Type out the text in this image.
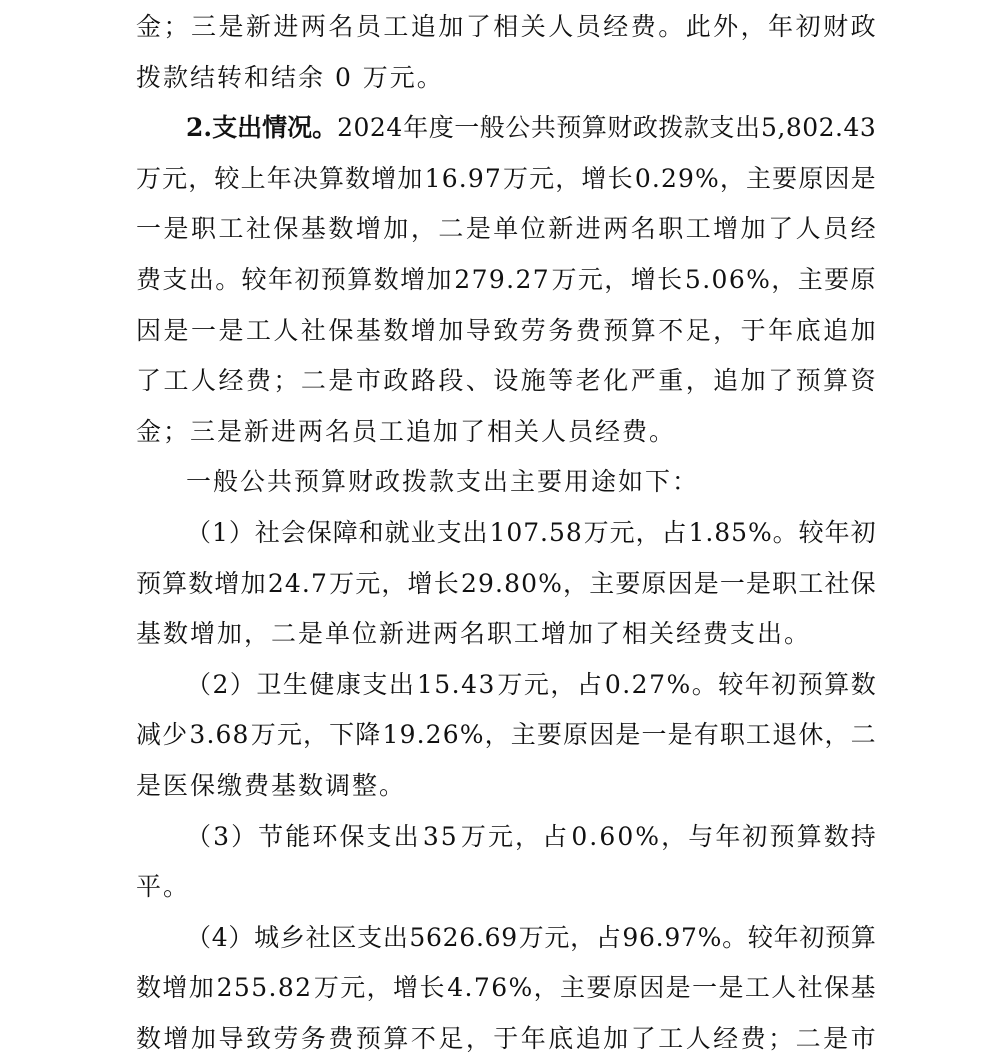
金 ； 三 是 新 进 两 名 员 工 追 加 了 相 关 人 员 经 费 。 此 外 ， 年 初 财 政
拨款结转和结余 0 万元。
2.支出情况。 2 0 2 4 年 度 一 般 公 共 预 算 财 政 拨 款 支 出 5 , 8 0 2 . 4 3
万 元 ， 较 上 年 决 算 数 增 加 1 6 . 9 7 万 元 ， 增 长 0 . 2 9 % ， 主 要 原 因 是
一 是 职 工 社 保 基 数 增 加 ， 二 是 单 位 新 进 两 名 职 工 增 加 了 人 员 经
费 支 出 。 较 年 初 预 算 数 增 加 2 7 9 . 2 7 万 元 ， 增 长 5 . 0 6 % ， 主 要 原
因 是 一 是 工 人 社 保 基 数 增 加 导 致 劳 务 费 预 算 不 足 ， 于 年 底 追 加
了 工 人 经 费 ； 二 是 市 政 路 段 、 设 施 等 老 化 严 重 ， 追 加 了 预 算 资
金；三是新进两名员工追加了相关人员经费。
一般公共预算财政拨款支出主要用途如下：
（ 1 ） 社 会 保 障 和 就 业 支 出 1 0 7 . 5 8 万 元 ， 占 1 . 8 5 % 。 较 年 初
预 算 数 增 加 2 4 . 7 万 元 ， 增 长 2 9 . 8 0 % ， 主 要 原 因 是 一 是 职 工 社 保
基数增加，二是单位新进两名职工增加了相关经费支出。
（ 2 ） 卫 生 健 康 支 出 1 5 . 4 3 万 元 ， 占 0 . 2 7 % 。 较 年 初 预 算 数
减 少 3 . 6 8 万 元 ， 下 降 1 9 . 2 6 % ， 主 要 原 因 是 一 是 有 职 工 退 休 ， 二
是医保缴费基数调整。
（ 3 ） 节 能 环 保 支 出 3 5 万 元 ， 占 0 . 6 0 % ， 与 年 初 预 算 数 持
平。
（ 4 ） 城 乡 社 区 支 出 5 6 2 6 . 6 9 万 元 ， 占 9 6 . 9 7 % 。 较 年 初 预 算
数 增 加 2 5 5 . 8 2 万 元 ， 增 长 4 . 7 6 % ， 主 要 原 因 是 一 是 工 人 社 保 基
数 增 加 导 致 劳 务 费 预 算 不 足 ， 于 年 底 追 加 了 工 人 经 费 ； 二 是 市
